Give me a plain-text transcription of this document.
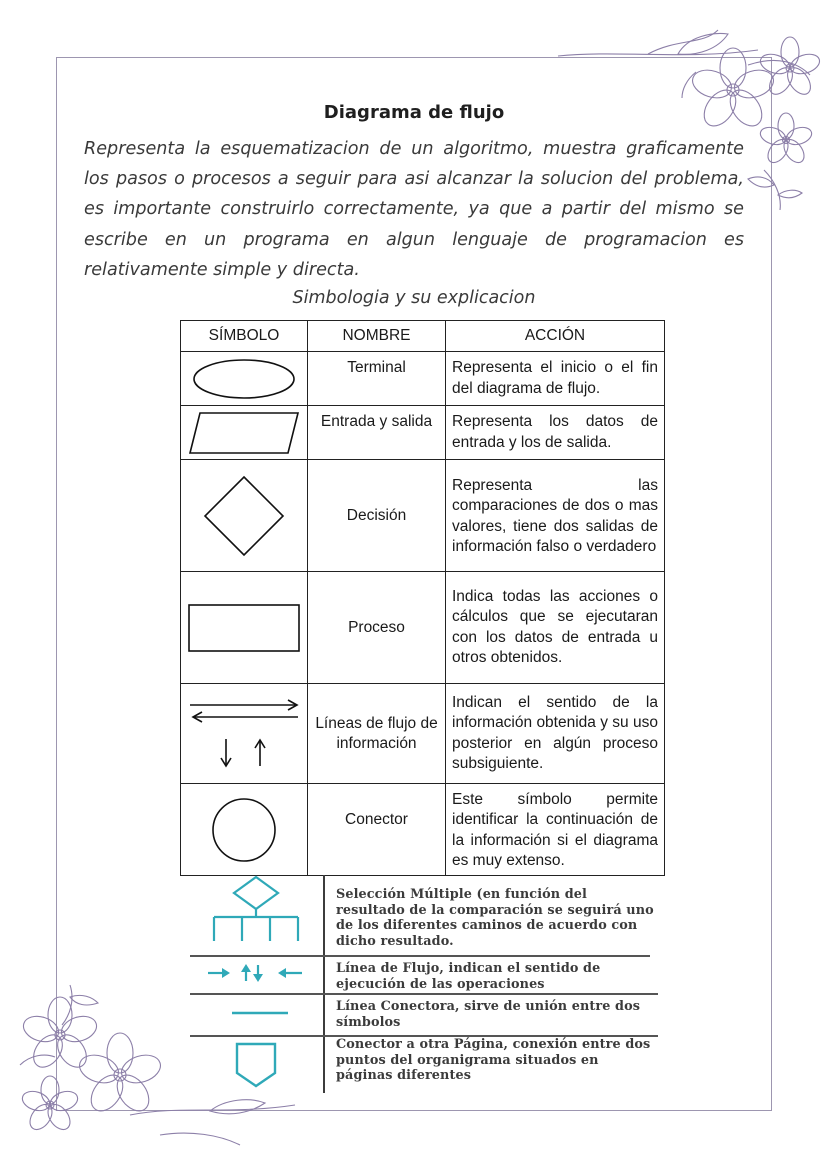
Diagrama de flujo
Representa la esquematizacion de un algoritmo, muestra graficamente los pasos o procesos a seguir para asi alcanzar la solucion del problema, es importante construirlo correctamente, ya que a partir del mismo se escribe en un programa en algun lenguaje de programacion es relativamente simple y directa.
Simbologia y su explicacion
SÍMBOLO	NOMBRE	ACCIÓN

	Terminal	Representa el inicio o el fin del diagrama de flujo.

	Entrada y salida	Representa los datos de entrada y los de salida.

	Decisión	Representa las comparaciones de dos o mas valores, tiene dos salidas de información falso o verdadero

	Proceso	Indica todas las acciones o cálculos que se ejecutaran con los datos de entrada u otros obtenidos.

	Líneas de flujo de información	Indican el sentido de la información obtenida y su uso posterior en algún proceso subsiguiente.

	Conector	Este símbolo permite identificar la continuación de la información si el diagrama es muy extenso.
Selección Múltiple (en función del resultado de la comparación se seguirá uno de los diferentes caminos de acuerdo con dicho resultado.
Línea de Flujo, indican el sentido de ejecución de las operaciones
Línea Conectora, sirve de unión entre dos símbolos
Conector a otra Página, conexión entre dos puntos del organigrama situados en páginas diferentes
